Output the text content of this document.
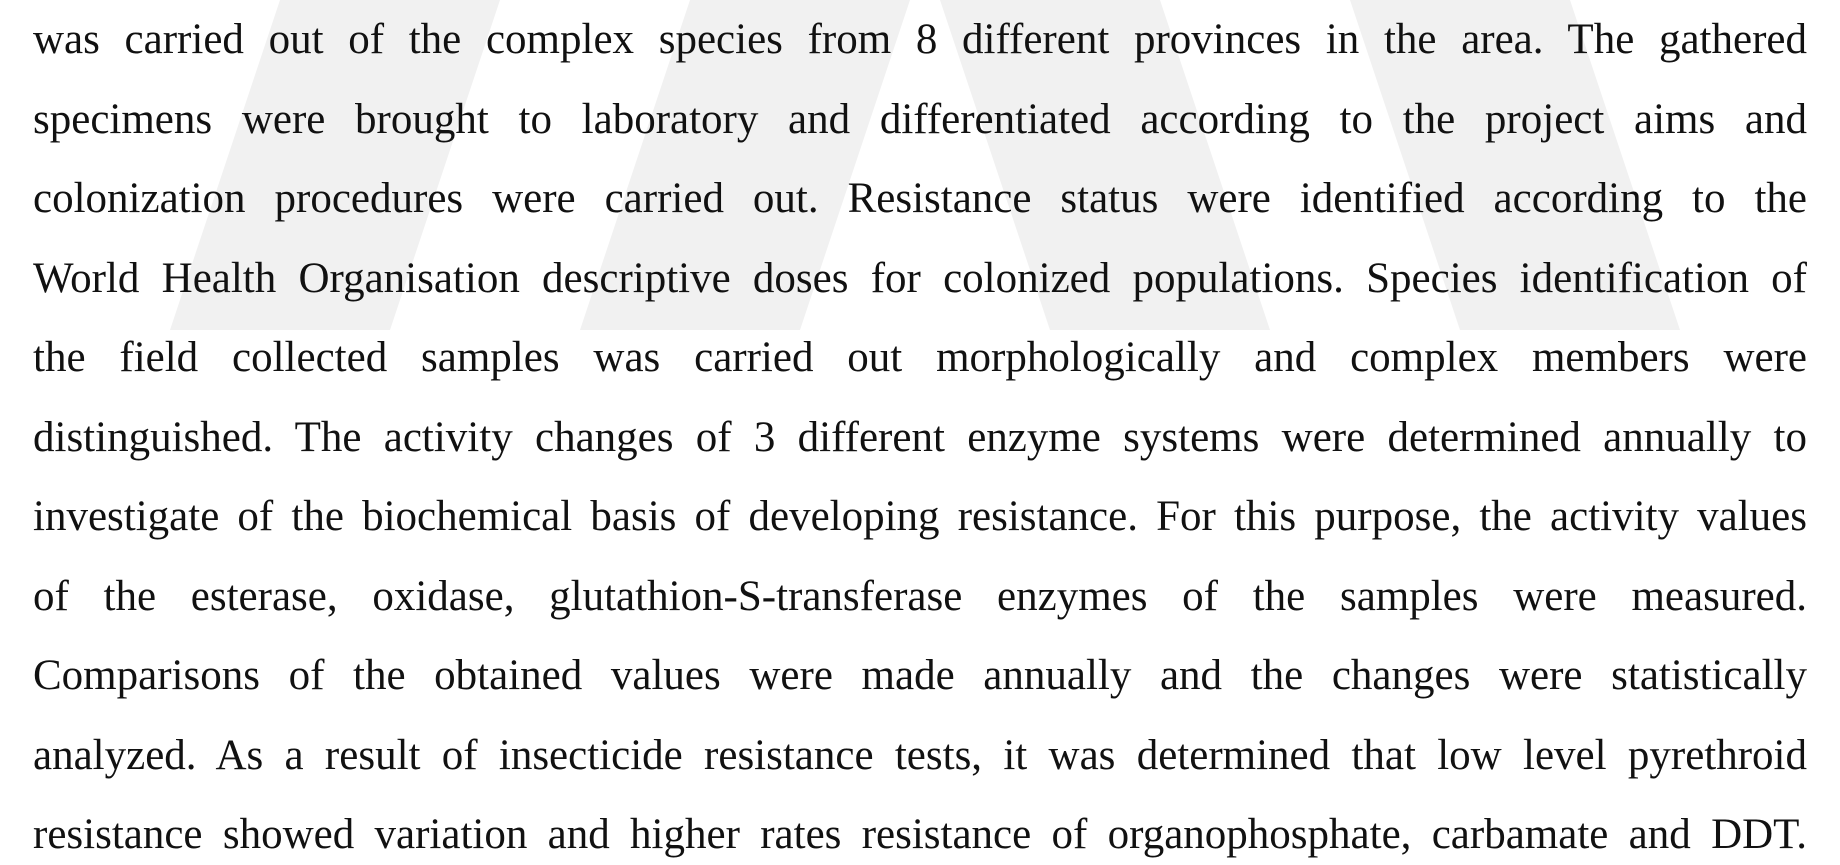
was carried out of the complex species from 8 different provinces in the area. The gathered
specimens were brought to laboratory and differentiated according to the project aims and
colonization procedures were carried out. Resistance status were identified according to the
World Health Organisation descriptive doses for colonized populations. Species identification of
the field collected samples was carried out morphologically and complex members were
distinguished. The activity changes of 3 different enzyme systems were determined annually to
investigate of the biochemical basis of developing resistance. For this purpose, the activity values
of the esterase, oxidase, glutathion-S-transferase enzymes of the samples were measured.
Comparisons of the obtained values were made annually and the changes were statistically
analyzed. As a result of insecticide resistance tests, it was determined that low level pyrethroid
resistance showed variation and higher rates resistance of organophosphate, carbamate and DDT.
